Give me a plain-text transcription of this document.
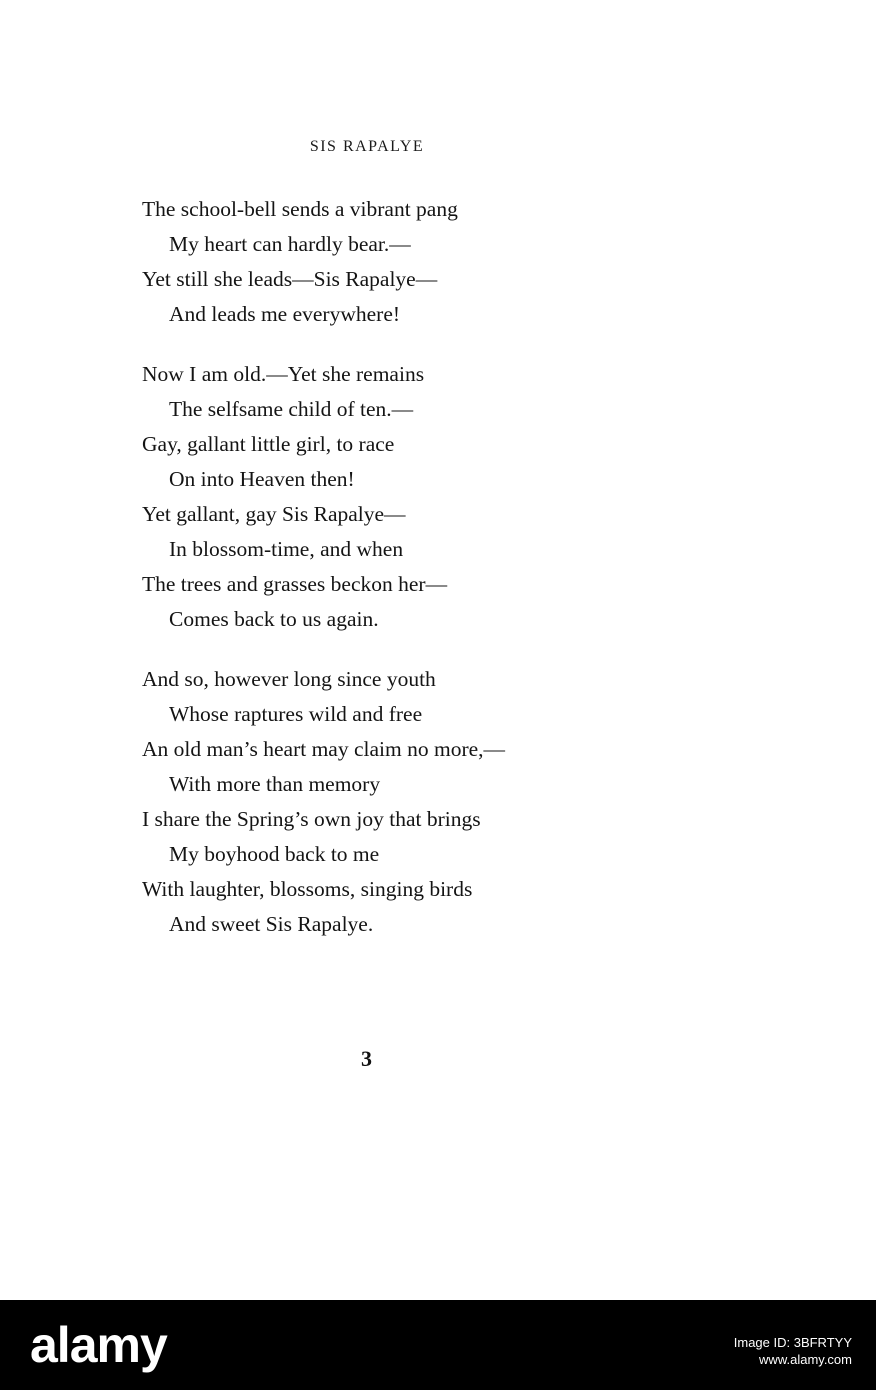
SIS RAPALYE
The school-bell sends a vibrant pang
My heart can hardly bear.—
Yet still she leads—Sis Rapalye—
And leads me everywhere!
Now I am old.—Yet she remains
The selfsame child of ten.—
Gay, gallant little girl, to race
On into Heaven then!
Yet gallant, gay Sis Rapalye—
In blossom-time, and when
The trees and grasses beckon her—
Comes back to us again.
And so, however long since youth
Whose raptures wild and free
An old man’s heart may claim no more,—
With more than memory
I share the Spring’s own joy that brings
My boyhood back to me
With laughter, blossoms, singing birds
And sweet Sis Rapalye.
3
alamy	Image ID: 3BFRTYY
www.alamy.com
